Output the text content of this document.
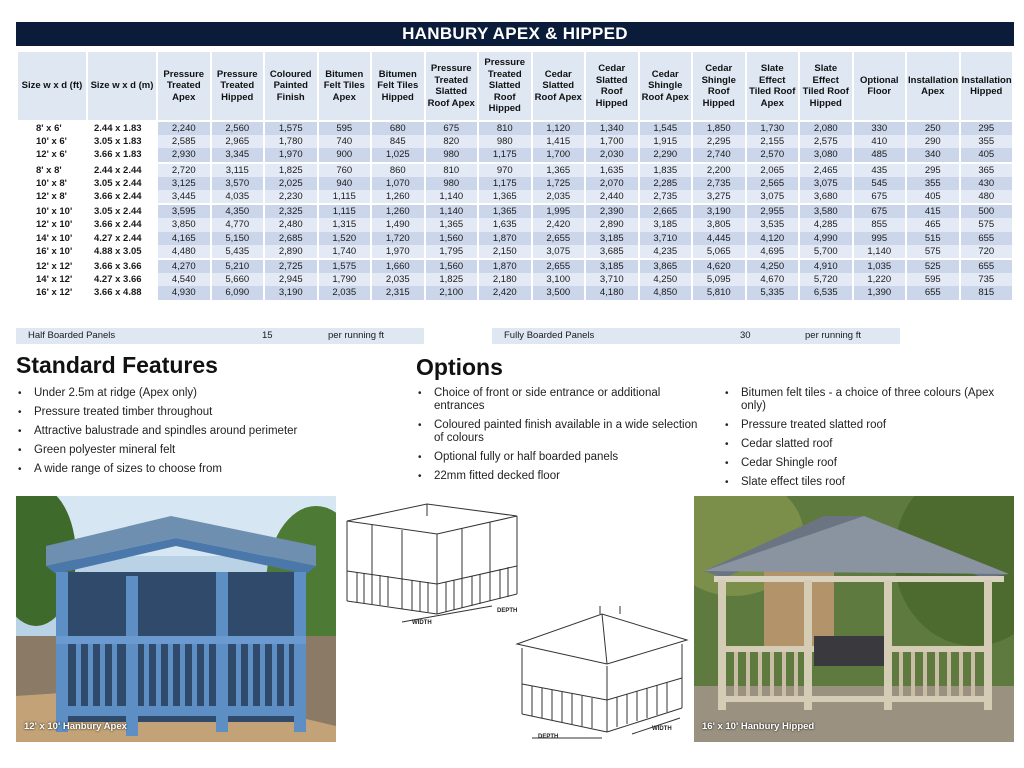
HANBURY APEX & HIPPED
Size w x d (ft)	Size w x d (m)	Pressure Treated Apex	Pressure Treated Hipped	Coloured Painted Finish	Bitumen Felt Tiles Apex	Bitumen Felt Tiles Hipped	Pressure Treated Slatted Roof Apex	Pressure Treated Slatted Roof Hipped	Cedar Slatted Roof Apex	Cedar Slatted Roof Hipped	Cedar Shingle Roof Apex	Cedar Shingle Roof Hipped	Slate Effect Tiled Roof Apex	Slate Effect Tiled Roof Hipped	Optional Floor	Installation Apex	Installation Hipped
8' x 6'	2.44 x 1.83	2,240	2,560	1,575	595	680	675	810	1,120	1,340	1,545	1,850	1,730	2,080	330	250	295
10' x 6'	3.05 x 1.83	2,585	2,965	1,780	740	845	820	980	1,415	1,700	1,915	2,295	2,155	2,575	410	290	355
12' x 6'	3.66 x 1.83	2,930	3,345	1,970	900	1,025	980	1,175	1,700	2,030	2,290	2,740	2,570	3,080	485	340	405
8' x 8'	2.44 x 2.44	2,720	3,115	1,825	760	860	810	970	1,365	1,635	1,835	2,200	2,065	2,465	435	295	365
10' x 8'	3.05 x 2.44	3,125	3,570	2,025	940	1,070	980	1,175	1,725	2,070	2,285	2,735	2,565	3,075	545	355	430
12' x 8'	3.66 x 2.44	3,445	4,035	2,230	1,115	1,260	1,140	1,365	2,035	2,440	2,735	3,275	3,075	3,680	675	405	480
10' x 10'	3.05 x 2.44	3,595	4,350	2,325	1,115	1,260	1,140	1,365	1,995	2,390	2,665	3,190	2,955	3,580	675	415	500
12' x 10'	3.66 x 2.44	3,850	4,770	2,480	1,315	1,490	1,365	1,635	2,420	2,890	3,185	3,805	3,535	4,285	855	465	575
14' x 10'	4.27 x 2.44	4,165	5,150	2,685	1,520	1,720	1,560	1,870	2,655	3,185	3,710	4,445	4,120	4,990	995	515	655
16' x 10'	4.88 x 3.05	4,480	5,435	2,890	1,740	1,970	1,795	2,150	3,075	3,685	4,235	5,065	4,695	5,700	1,140	575	720
12' x 12'	3.66 x 3.66	4,270	5,210	2,725	1,575	1,660	1,560	1,870	2,655	3,185	3,865	4,620	4,250	4,910	1,035	525	655
14' x 12'	4.27 x 3.66	4,540	5,660	2,945	1,790	2,035	1,825	2,180	3,100	3,710	4,250	5,095	4,670	5,720	1,220	595	735
16' x 12'	3.66 x 4.88	4,930	6,090	3,190	2,035	2,315	2,100	2,420	3,500	4,180	4,850	5,810	5,335	6,535	1,390	655	815
Half Boarded Panels	15	per running ft	Fully Boarded Panels	30	per running ft
Standard Features
• Under 2.5m at ridge (Apex only)
• Pressure treated timber throughout
• Attractive balustrade and spindles around perimeter
• Green polyester mineral felt
• A wide range of sizes to choose from
Options
• Choice of front or side entrance or additional entrances
• Coloured painted finish available in a wide selection of colours
• Optional fully or half boarded panels
• 22mm fitted decked floor
• Bitumen felt tiles - a choice of three colours (Apex only)
• Pressure treated slatted roof
• Cedar slatted roof
• Cedar Shingle roof
• Slate effect tiles roof
12' x 10' Hanbury Apex
WIDTH
DEPTH
DEPTH
WIDTH	16' x 10' Hanbury Hipped
